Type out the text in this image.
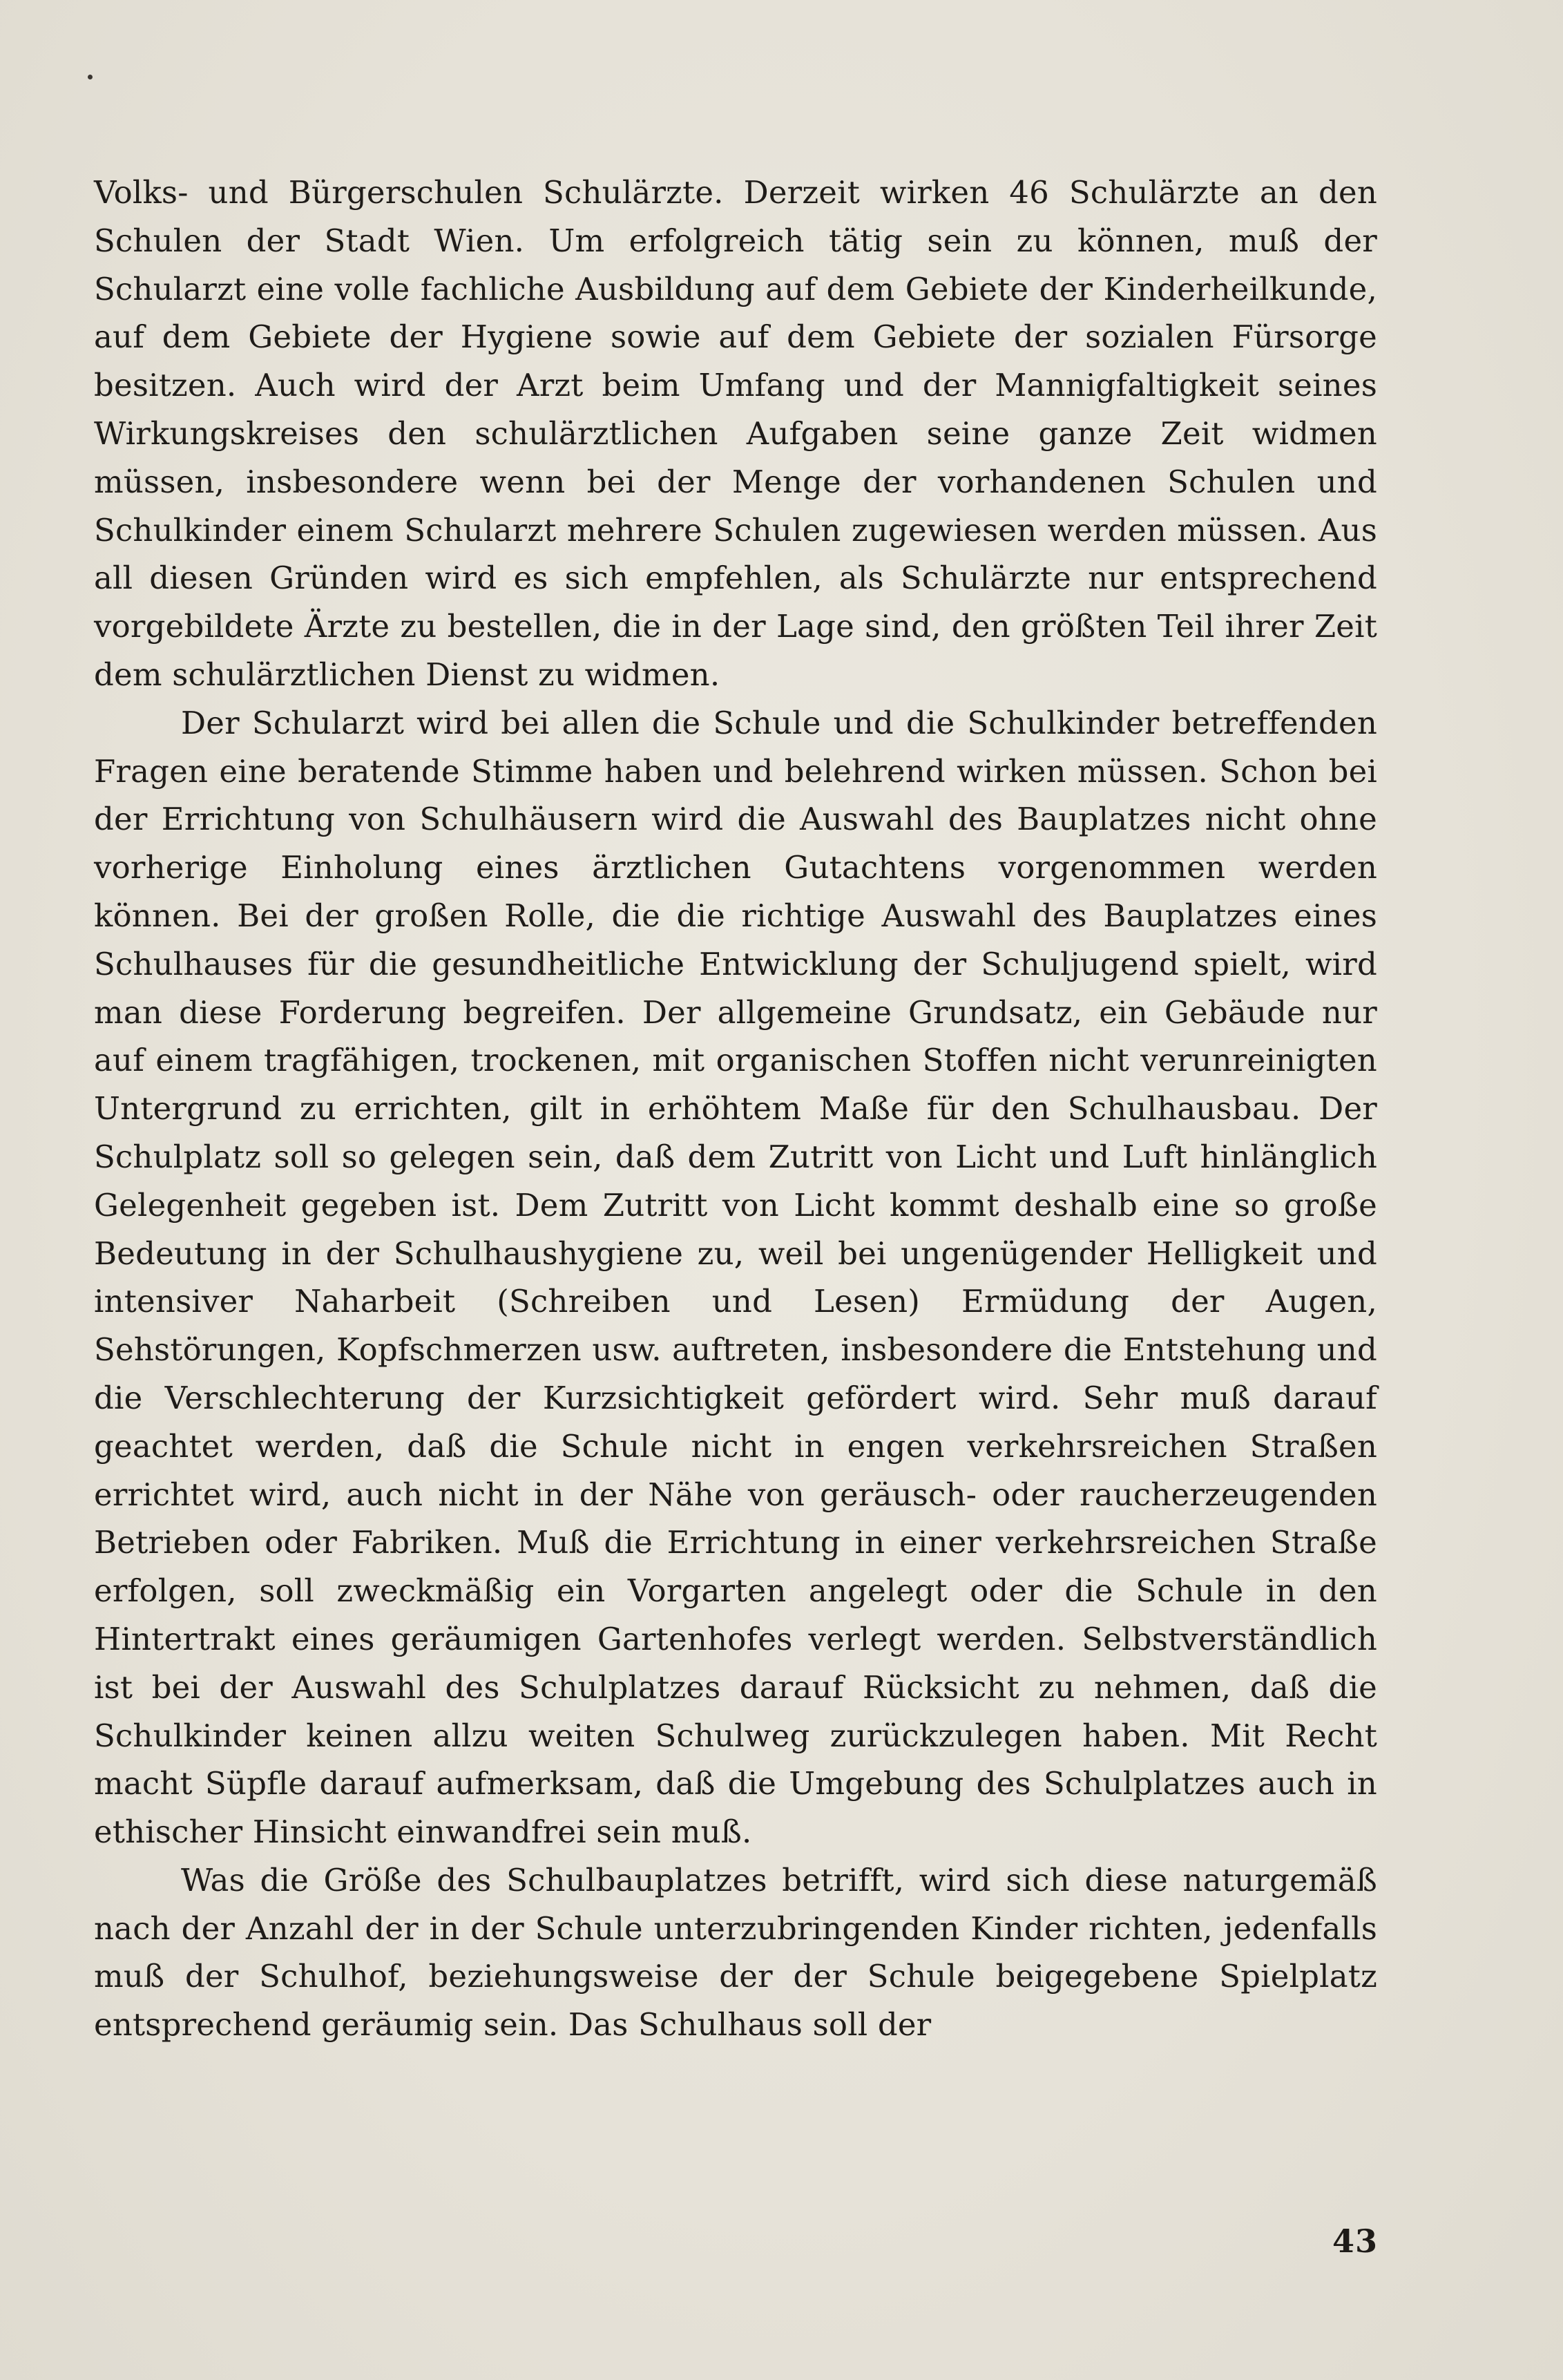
Volks- und Bürgerschulen Schulärzte. Derzeit wirken 46 Schulärzte an den Schulen der Stadt Wien. Um erfolgreich tätig sein zu können, muß der Schularzt eine volle fachliche Ausbildung auf dem Gebiete der Kinderheilkunde, auf dem Gebiete der Hygiene sowie auf dem Gebiete der sozialen Fürsorge besitzen. Auch wird der Arzt beim Umfang und der Mannigfaltigkeit seines Wirkungskreises den schulärztlichen Aufgaben seine ganze Zeit widmen müssen, insbesondere wenn bei der Menge der vorhandenen Schulen und Schulkinder einem Schularzt mehrere Schulen zugewiesen werden müssen. Aus all diesen Gründen wird es sich empfehlen, als Schulärzte nur entsprechend vorgebildete Ärzte zu bestellen, die in der Lage sind, den größten Teil ihrer Zeit dem schulärztlichen Dienst zu widmen.

Der Schularzt wird bei allen die Schule und die Schulkinder betreffenden Fragen eine beratende Stimme haben und belehrend wirken müssen. Schon bei der Errichtung von Schulhäusern wird die Auswahl des Bauplatzes nicht ohne vorherige Einholung eines ärztlichen Gutachtens vorgenommen werden können. Bei der großen Rolle, die die richtige Auswahl des Bauplatzes eines Schulhauses für die gesundheitliche Entwicklung der Schuljugend spielt, wird man diese Forderung begreifen. Der allgemeine Grundsatz, ein Gebäude nur auf einem tragfähigen, trockenen, mit organischen Stoffen nicht verunreinigten Untergrund zu errichten, gilt in erhöhtem Maße für den Schulhausbau. Der Schulplatz soll so gelegen sein, daß dem Zutritt von Licht und Luft hinlänglich Gelegenheit gegeben ist. Dem Zutritt von Licht kommt deshalb eine so große Bedeutung in der Schulhaushygiene zu, weil bei ungenügender Helligkeit und intensiver Naharbeit (Schreiben und Lesen) Ermüdung der Augen, Sehstörungen, Kopfschmerzen usw. auftreten, insbesondere die Entstehung und die Verschlechterung der Kurzsichtigkeit gefördert wird. Sehr muß darauf geachtet werden, daß die Schule nicht in engen verkehrsreichen Straßen errichtet wird, auch nicht in der Nähe von geräusch- oder raucherzeugenden Betrieben oder Fabriken. Muß die Errichtung in einer verkehrsreichen Straße erfolgen, soll zweckmäßig ein Vorgarten angelegt oder die Schule in den Hintertrakt eines geräumigen Gartenhofes verlegt werden. Selbstverständlich ist bei der Auswahl des Schulplatzes darauf Rücksicht zu nehmen, daß die Schulkinder keinen allzu weiten Schulweg zurückzulegen haben. Mit Recht macht Süpfle darauf aufmerksam, daß die Umgebung des Schulplatzes auch in ethischer Hinsicht einwandfrei sein muß.

Was die Größe des Schulbauplatzes betrifft, wird sich diese naturgemäß nach der Anzahl der in der Schule unterzubringenden Kinder richten, jedenfalls muß der Schulhof, beziehungsweise der der Schule beigegebene Spielplatz entsprechend geräumig sein. Das Schulhaus soll der

43
